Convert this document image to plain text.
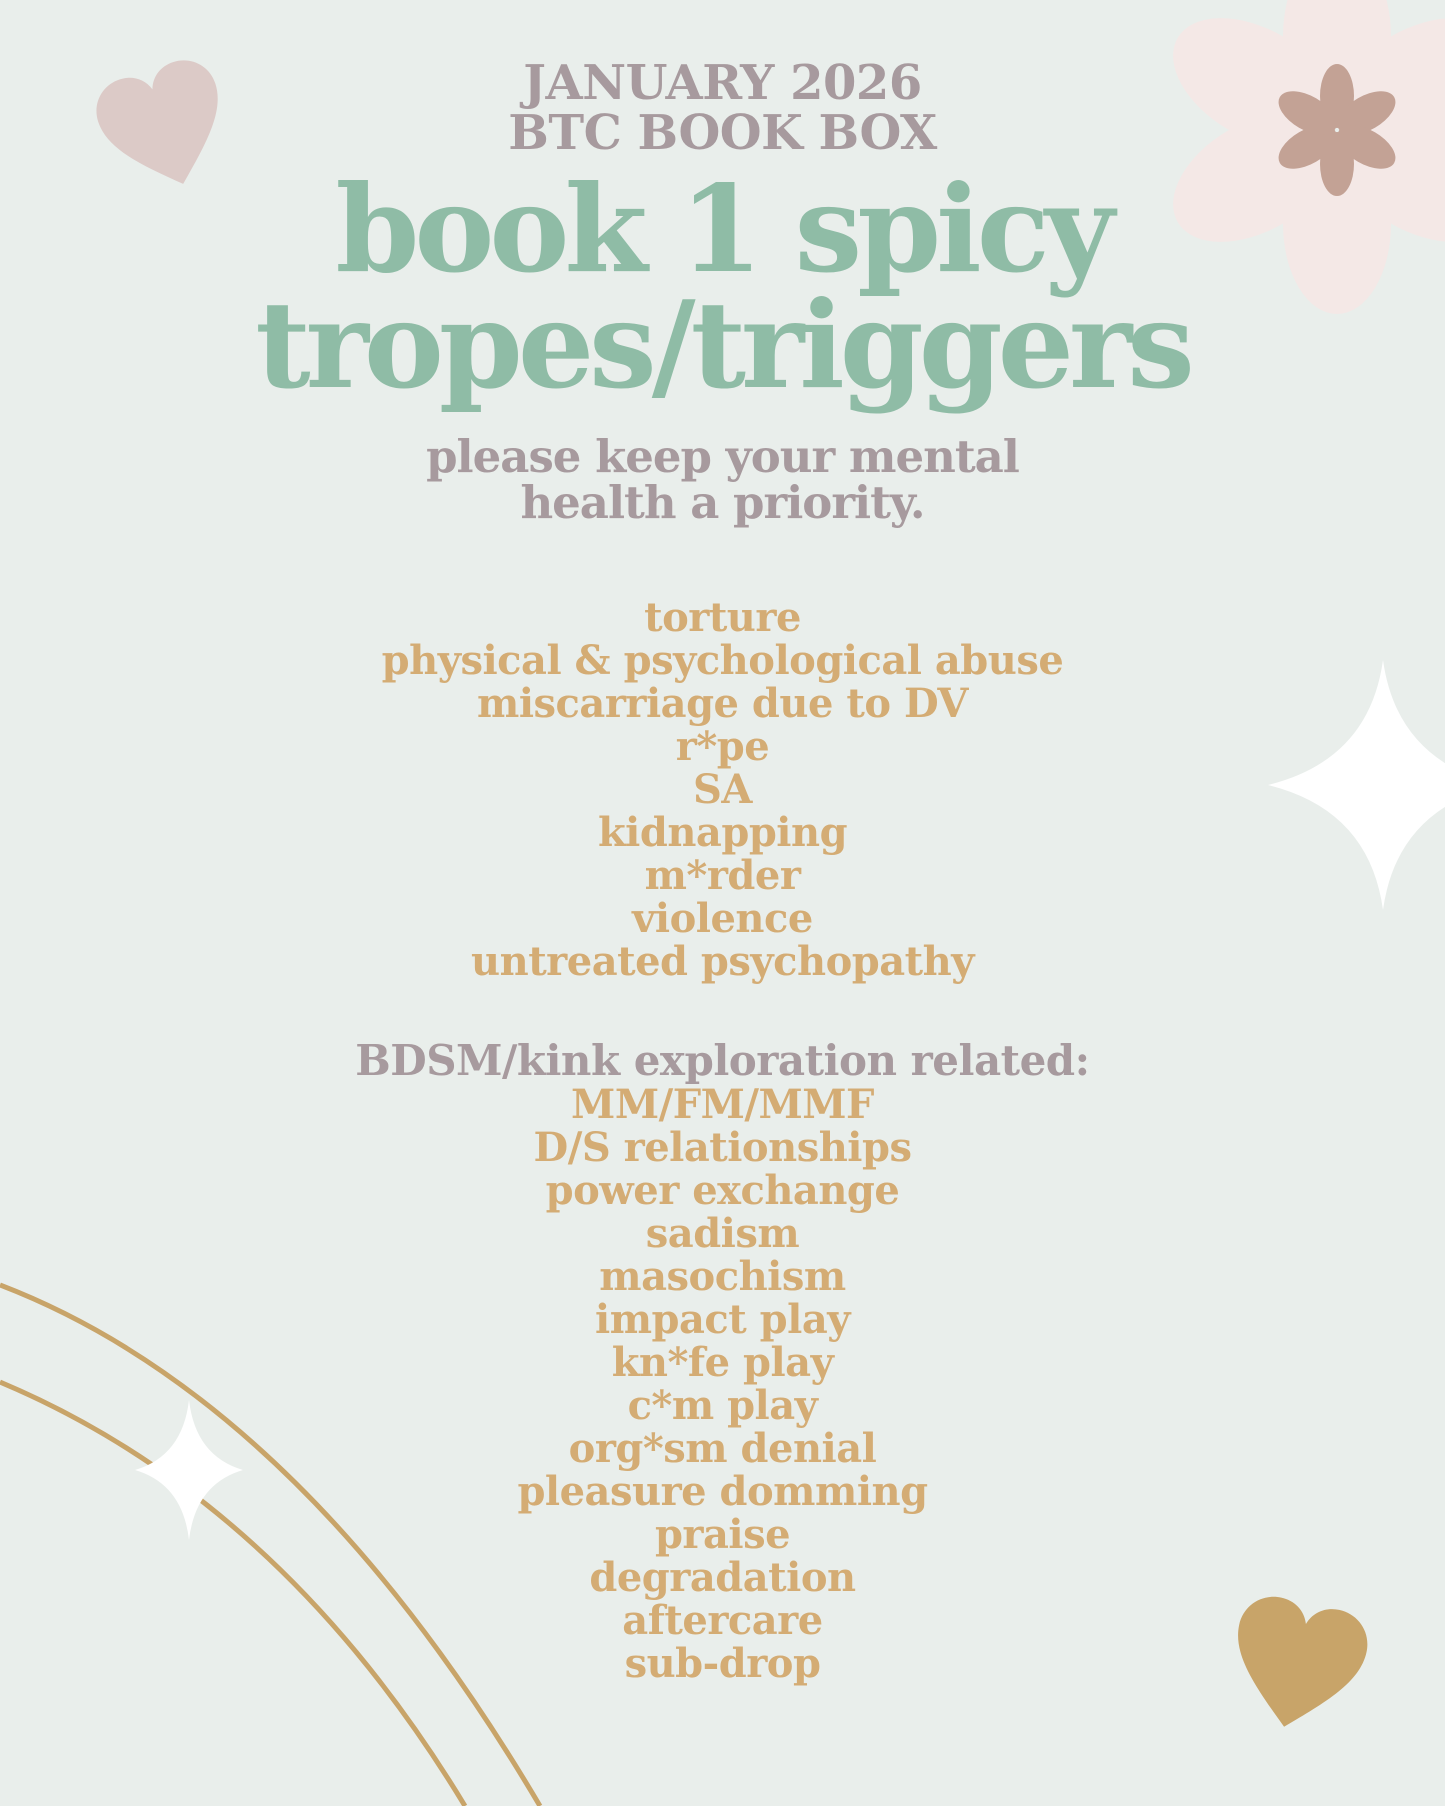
JANUARY 2026
BTC BOOK BOX
book 1 spicy
tropes/triggers
please keep your mental
health a priority.
torture
physical & psychological abuse
miscarriage due to DV
r*pe
SA
kidnapping
m*rder
violence
untreated psychopathy
BDSM/kink exploration related:
MM/FM/MMF
D/S relationships
power exchange
sadism
masochism
impact play
kn*fe play
c*m play
org*sm denial
pleasure domming
praise
degradation
aftercare
sub-drop
